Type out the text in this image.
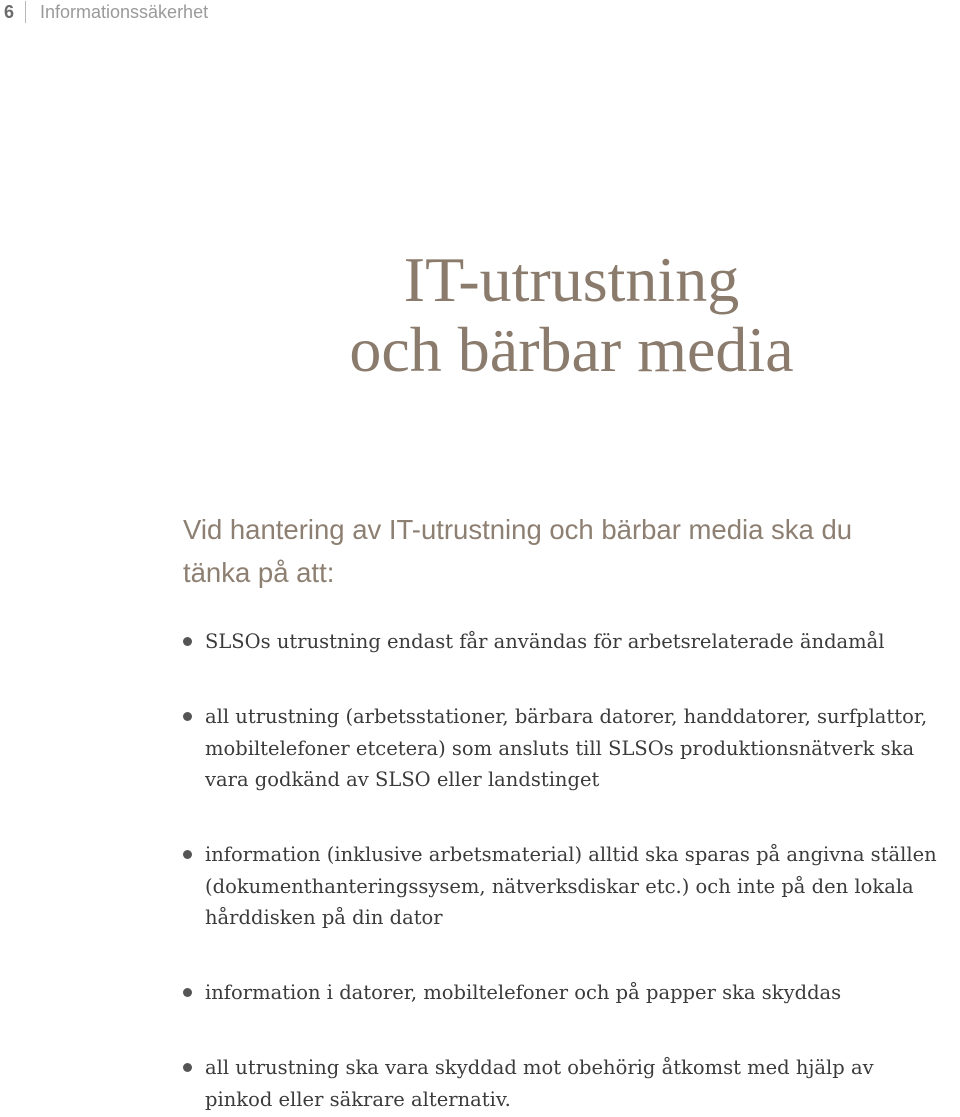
6 Informationssäkerhet
IT-utrustning
och bärbar media

Vid hantering av IT-utrustning och bärbar media ska du
tänka på att:

SLSOs utrustning endast får användas för arbetsrelaterade ändamål
all utrustning (arbetsstationer, bärbara datorer, handdatorer, surfplattor,
mobiltelefoner etcetera) som ansluts till SLSOs produktionsnätverk ska
vara godkänd av SLSO eller landstinget
information (inklusive arbetsmaterial) alltid ska sparas på angivna ställen
(dokumenthanteringssysem, nätverksdiskar etc.) och inte på den lokala
hårddisken på din dator
information i datorer, mobiltelefoner och på papper ska skyddas
all utrustning ska vara skyddad mot obehörig åtkomst med hjälp av
pinkod eller säkrare alternativ.
